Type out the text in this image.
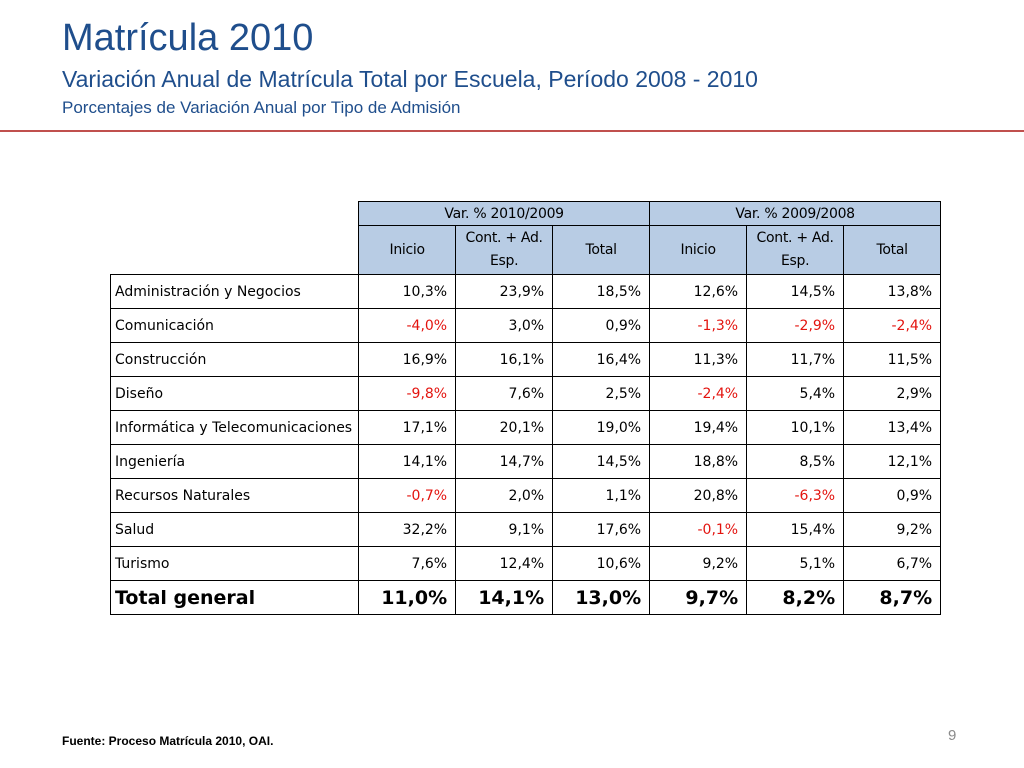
Matrícula 2010
Variación Anual de Matrícula Total por Escuela, Período 2008 - 2010
Porcentajes de Variación Anual por Tipo de Admisión
	Var. % 2010/2009			Var. % 2009/2008		
	Inicio	Cont. + Ad. Esp.	Total	Inicio	Cont. + Ad. Esp.	Total
Administración y Negocios	10,3%	23,9%	18,5%	12,6%	14,5%	13,8%
Comunicación	-4,0%	3,0%	0,9%	-1,3%	-2,9%	-2,4%
Construcción	16,9%	16,1%	16,4%	11,3%	11,7%	11,5%
Diseño	-9,8%	7,6%	2,5%	-2,4%	5,4%	2,9%
Informática y Telecomunicaciones	17,1%	20,1%	19,0%	19,4%	10,1%	13,4%
Ingeniería	14,1%	14,7%	14,5%	18,8%	8,5%	12,1%
Recursos Naturales	-0,7%	2,0%	1,1%	20,8%	-6,3%	0,9%
Salud	32,2%	9,1%	17,6%	-0,1%	15,4%	9,2%
Turismo	7,6%	12,4%	10,6%	9,2%	5,1%	6,7%
Total general	11,0%	14,1%	13,0%	9,7%	8,2%	8,7%
Fuente: Proceso Matrícula 2010, OAI.	9
